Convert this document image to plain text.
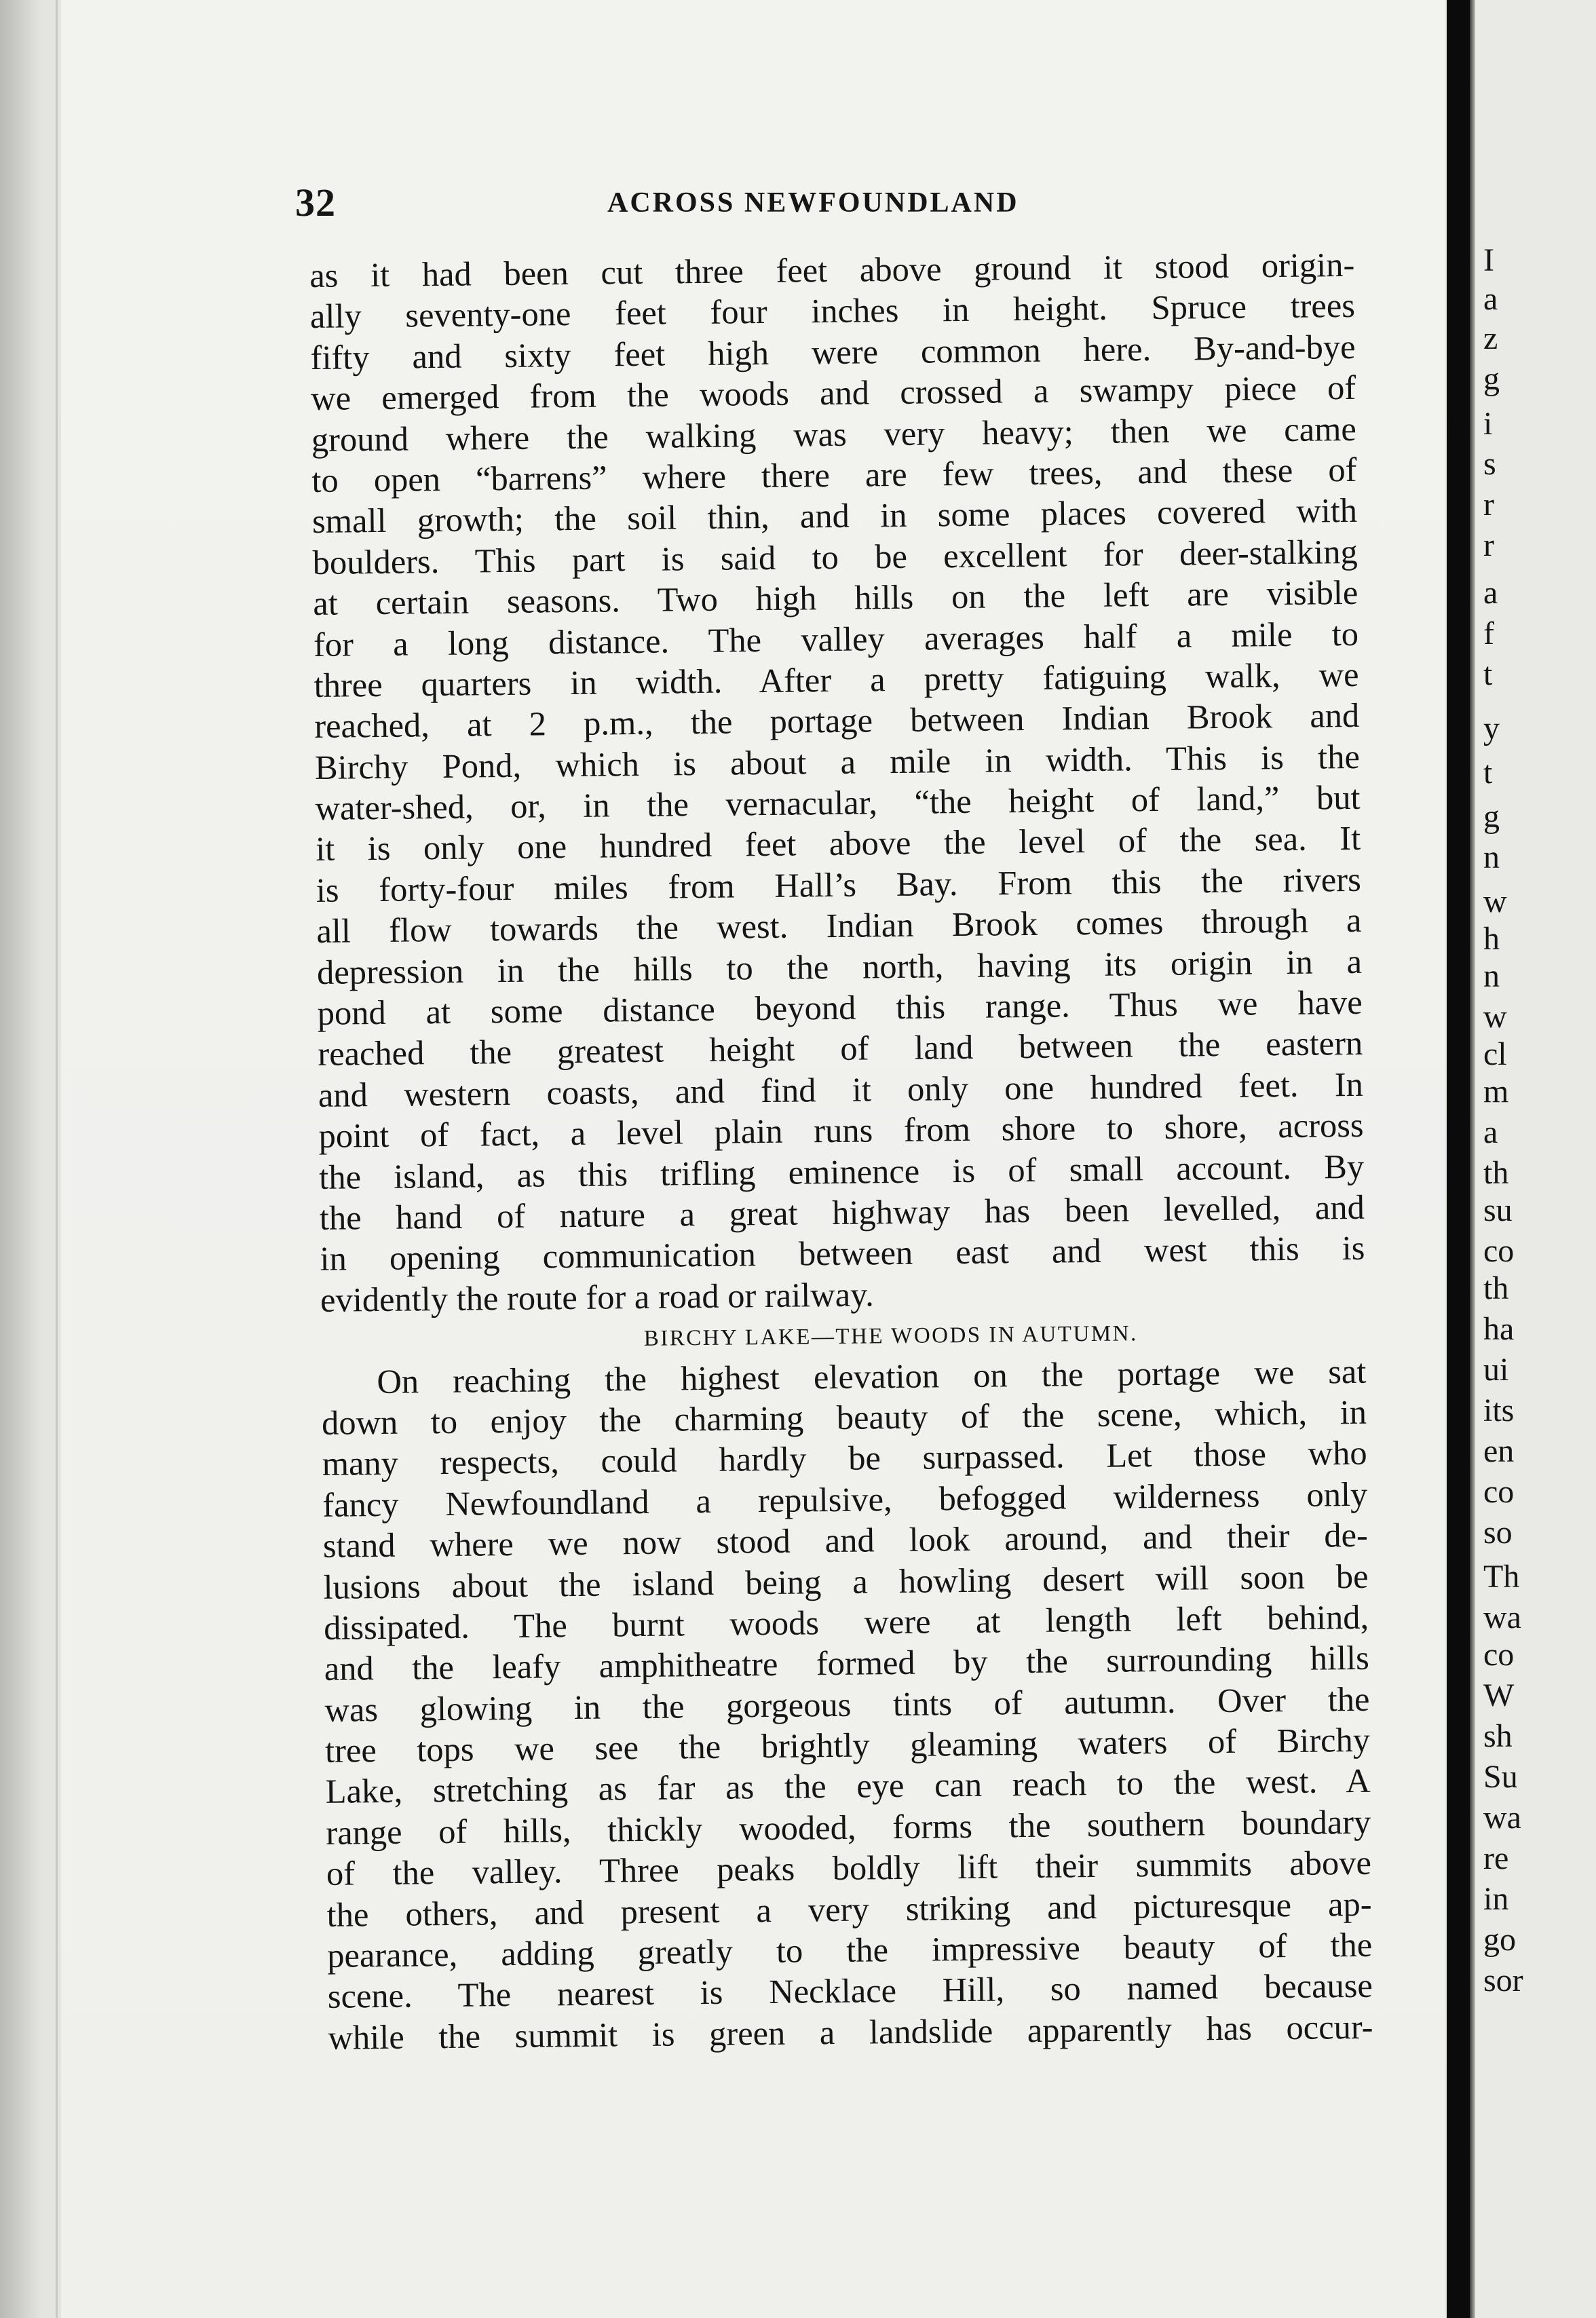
32	ACROSS NEWFOUNDLAND
as it had been cut three feet above ground it stood origin-
ally seventy-one feet four inches in height. Spruce trees
fifty and sixty feet high were common here. By-and-bye
we emerged from the woods and crossed a swampy piece of
ground where the walking was very heavy; then we came
to open “barrens” where there are few trees, and these of
small growth; the soil thin, and in some places covered with
boulders. This part is said to be excellent for deer-stalking
at certain seasons. Two high hills on the left are visible
for a long distance. The valley averages half a mile to
three quarters in width. After a pretty fatiguing walk, we
reached, at 2 p.m., the portage between Indian Brook and
Birchy Pond, which is about a mile in width. This is the
water-shed, or, in the vernacular, “the height of land,” but
it is only one hundred feet above the level of the sea. It
is forty-four miles from Hall’s Bay. From this the rivers
all flow towards the west. Indian Brook comes through a
depression in the hills to the north, having its origin in a
pond at some distance beyond this range. Thus we have
reached the greatest height of land between the eastern
and western coasts, and find it only one hundred feet. In
point of fact, a level plain runs from shore to shore, across
the island, as this trifling eminence is of small account. By
the hand of nature a great highway has been levelled, and
in opening communication between east and west this is
evidently the route for a road or railway.
BIRCHY LAKE—THE WOODS IN AUTUMN.
On reaching the highest elevation on the portage we sat
down to enjoy the charming beauty of the scene, which, in
many respects, could hardly be surpassed. Let those who
fancy Newfoundland a repulsive, befogged wilderness only
stand where we now stood and look around, and their de-
lusions about the island being a howling desert will soon be
dissipated. The burnt woods were at length left behind,
and the leafy amphitheatre formed by the surrounding hills
was glowing in the gorgeous tints of autumn. Over the
tree tops we see the brightly gleaming waters of Birchy
Lake, stretching as far as the eye can reach to the west. A
range of hills, thickly wooded, forms the southern boundary
of the valley. Three peaks boldly lift their summits above
the others, and present a very striking and picturesque ap-
pearance, adding greatly to the impressive beauty of the
scene. The nearest is Necklace Hill, so named because
while the summit is green a landslide apparently has occur-
I
a
z
g
i
s
r
r
a
f
t
y
t
g
n
w
h
n
w
cl
m
a
th
su
co
th
ha
ui
its
en
co
so
Th
wa
co
W
sh
Su
wa
re
in
go
sor
